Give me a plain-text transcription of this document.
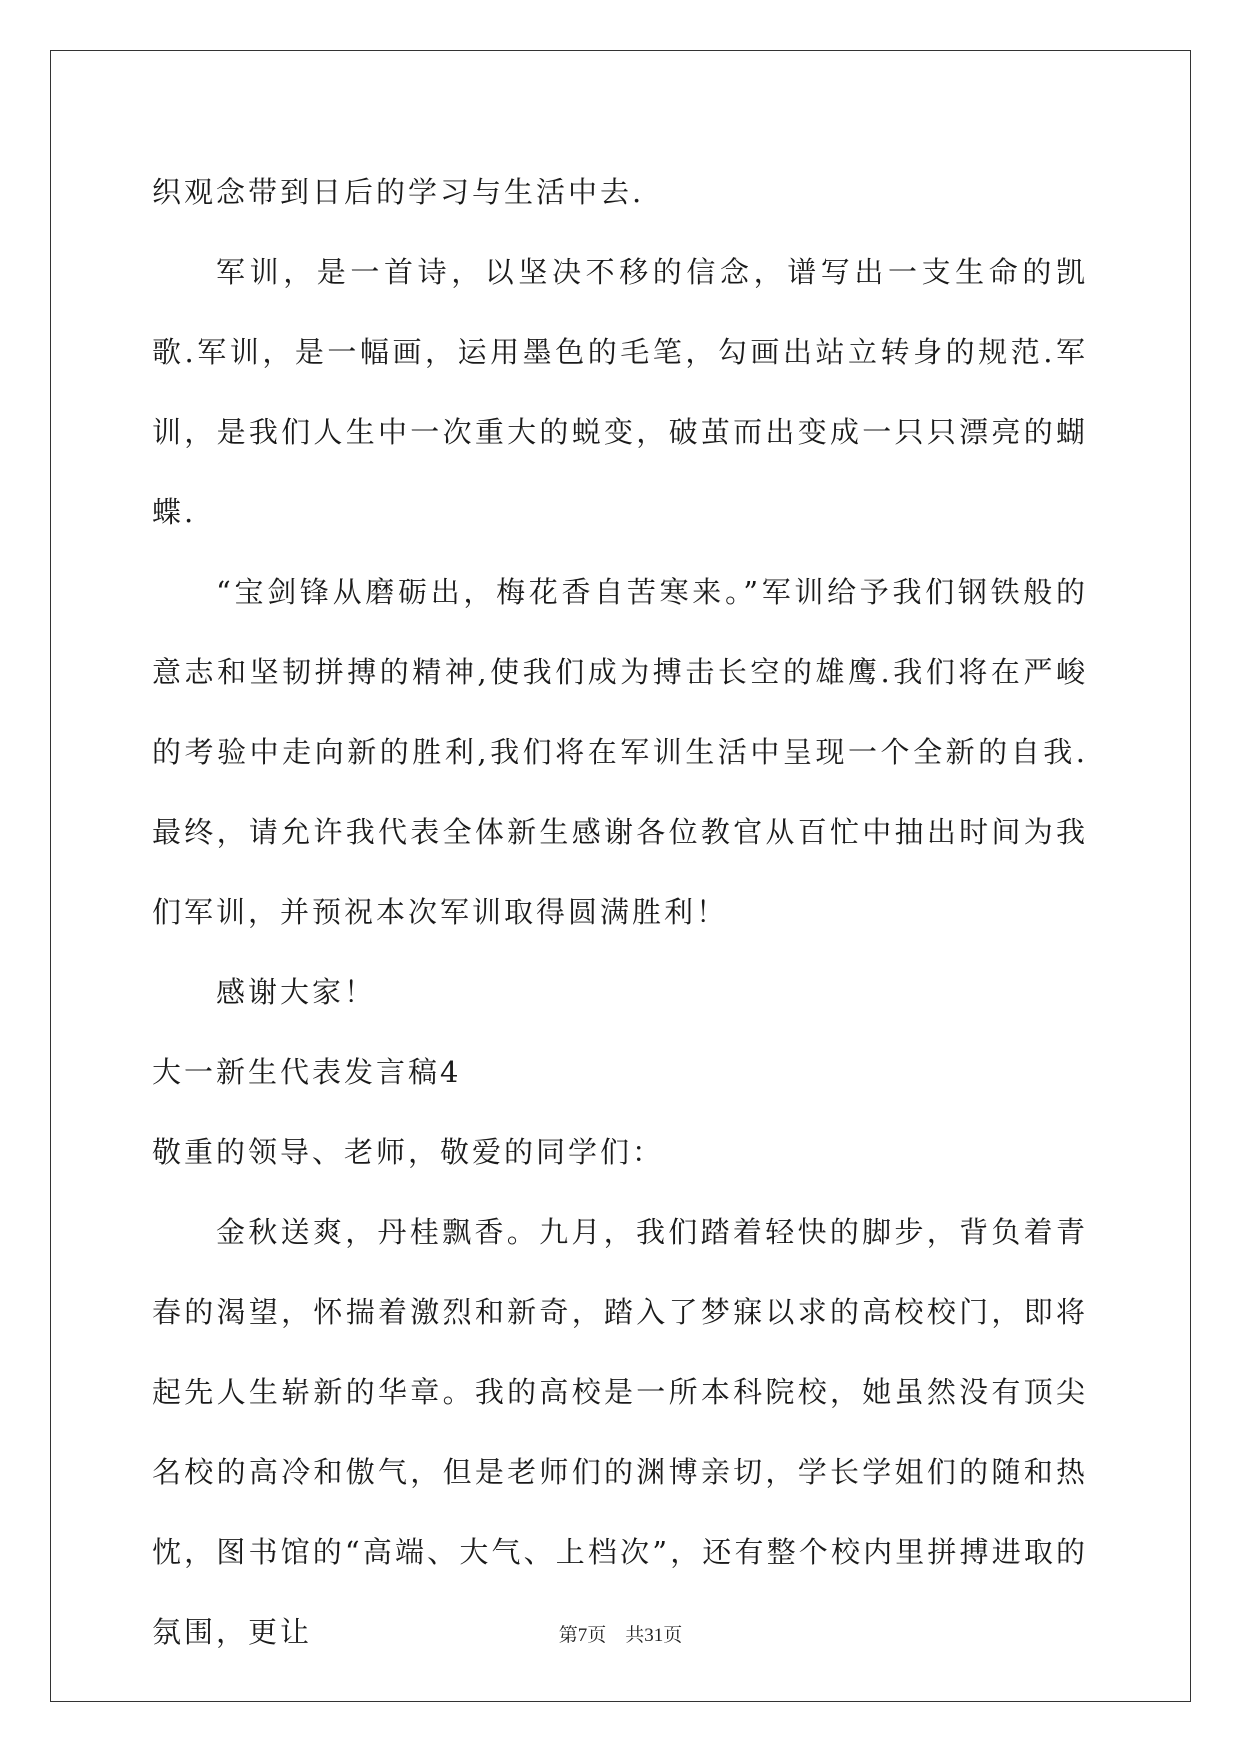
织观念带到日后的学习与生活中去.

军训，是一首诗，以坚决不移的信念，谱写出一支生命的凯歌.军训，是一幅画，运用墨色的毛笔，勾画出站立转身的规范.军训，是我们人生中一次重大的蜕变，破茧而出变成一只只漂亮的蝴蝶.

“宝剑锋从磨砺出，梅花香自苦寒来。”军训给予我们钢铁般的意志和坚韧拼搏的精神,使我们成为搏击长空的雄鹰.我们将在严峻的考验中走向新的胜利,我们将在军训生活中呈现一个全新的自我.最终，请允许我代表全体新生感谢各位教官从百忙中抽出时间为我们军训，并预祝本次军训取得圆满胜利！

感谢大家！

大一新生代表发言稿4

敬重的领导、老师，敬爱的同学们：

金秋送爽，丹桂飘香。九月，我们踏着轻快的脚步，背负着青春的渴望，怀揣着激烈和新奇，踏入了梦寐以求的高校校门，即将起先人生崭新的华章。我的高校是一所本科院校，她虽然没有顶尖名校的高冷和傲气，但是老师们的渊博亲切，学长学姐们的随和热忱，图书馆的“高端、大气、上档次”，还有整个校内里拼搏进取的氛围，更让	第7页　共31页
